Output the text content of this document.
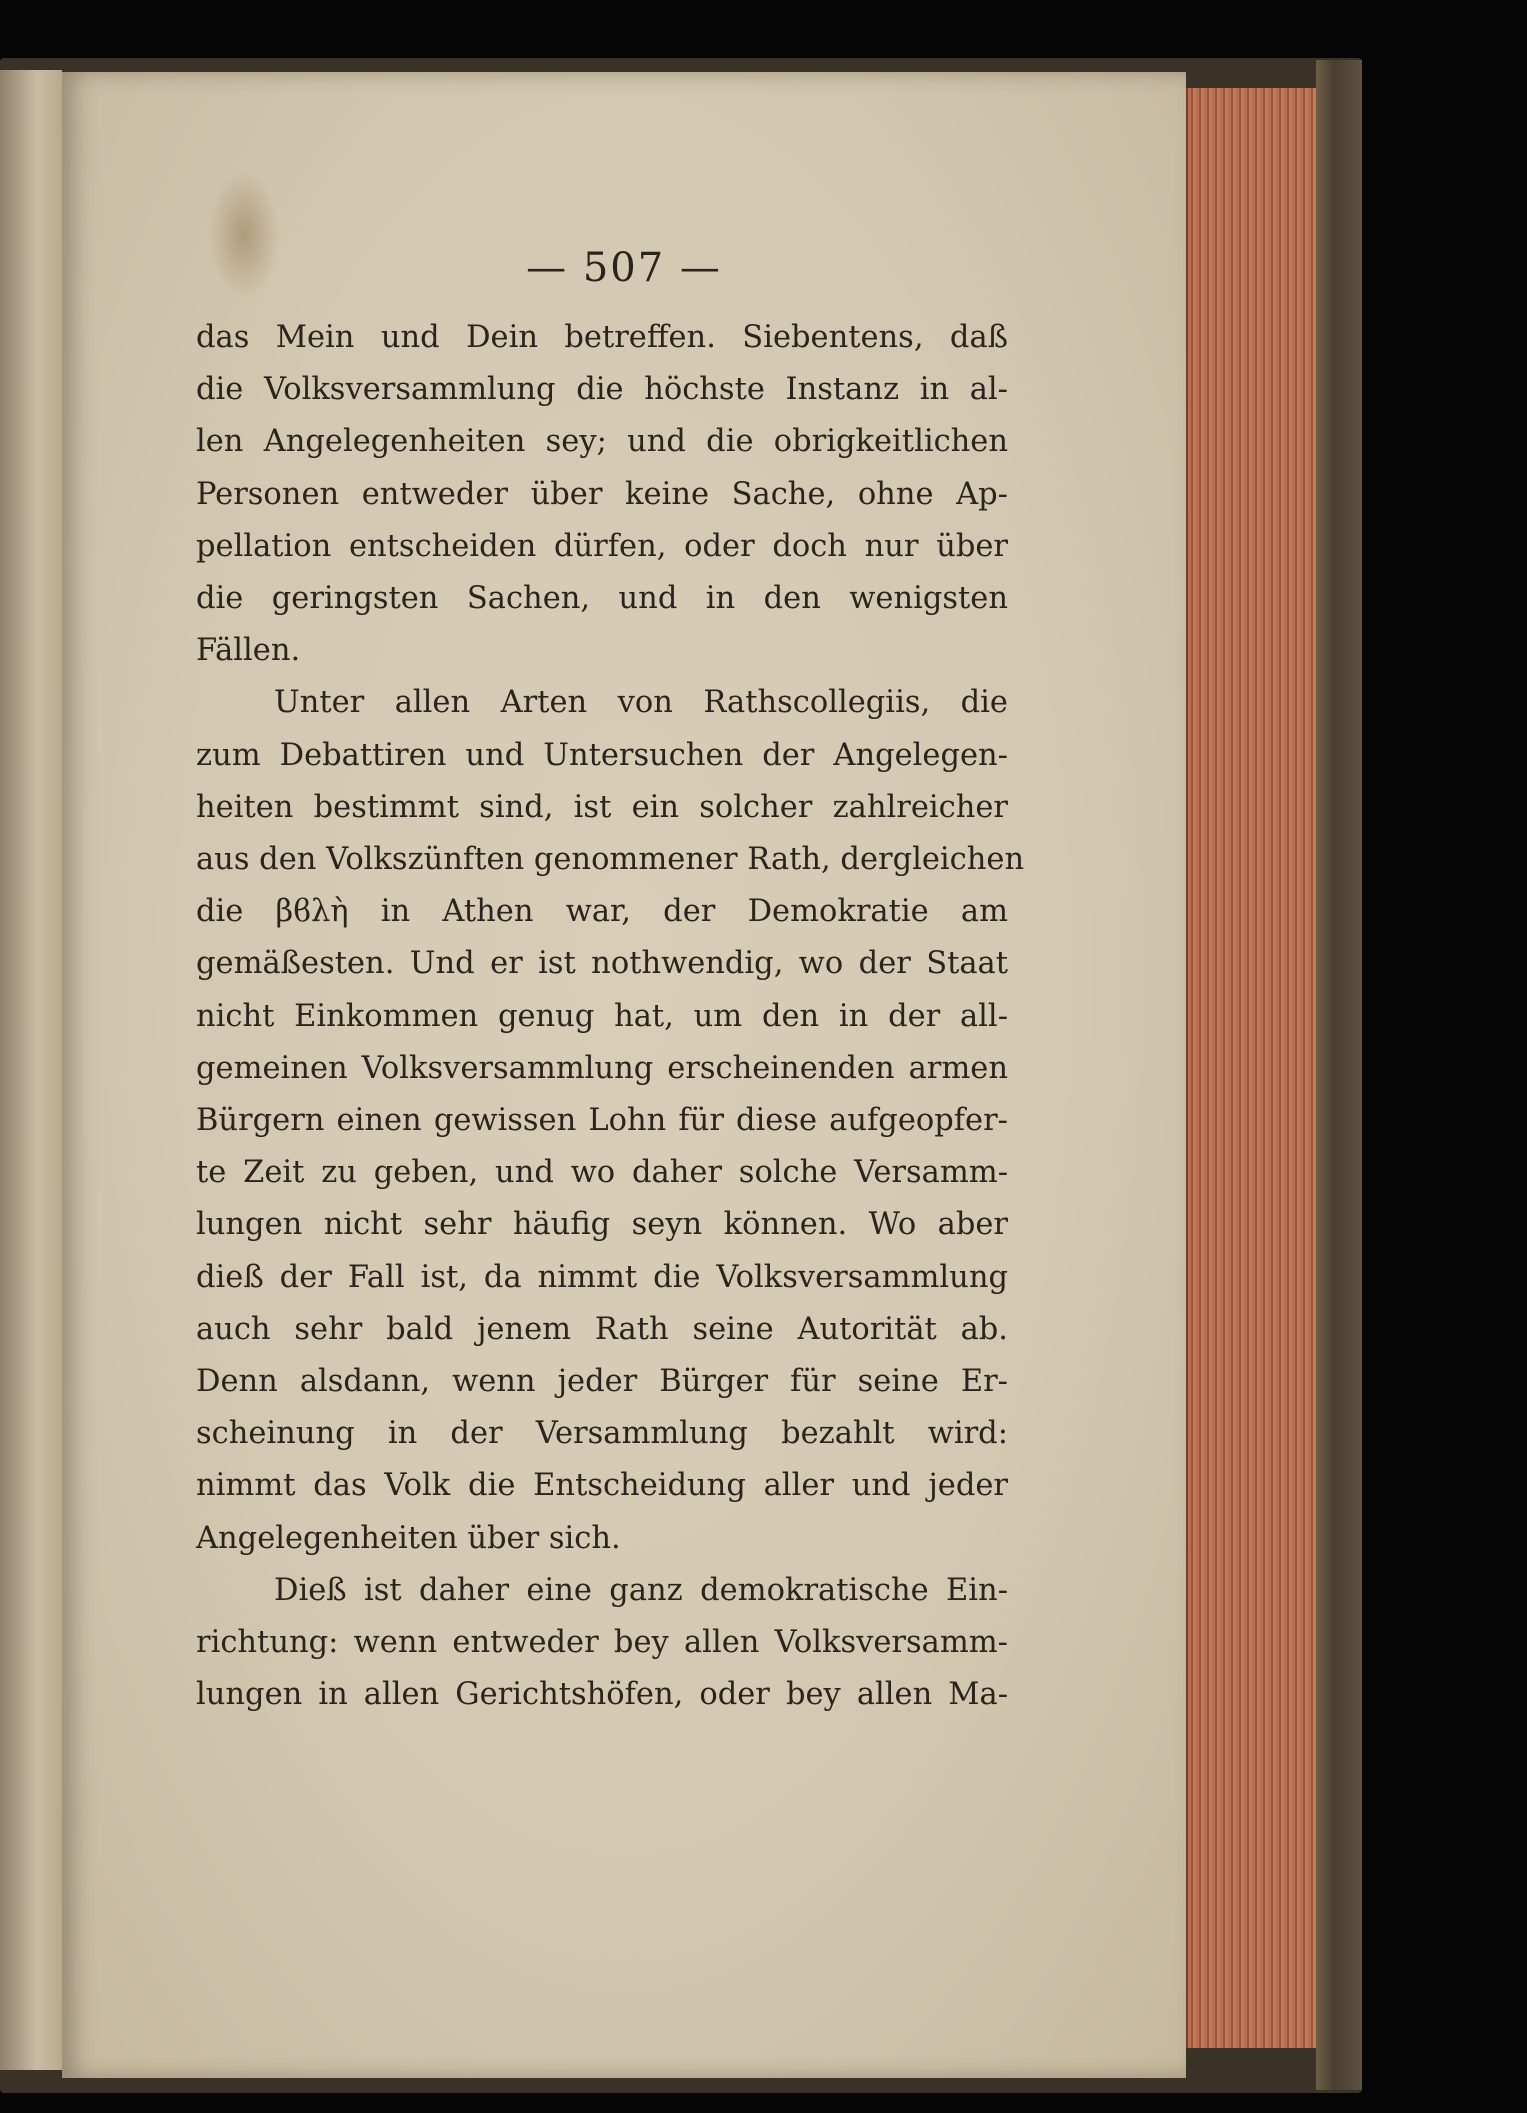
— 507 —
das Mein und Dein betreffen. Siebentens, daß
die Volksversammlung die höchste Instanz in al-
len Angelegenheiten sey; und die obrigkeitlichen
Personen entweder über keine Sache, ohne Ap-
pellation entscheiden dürfen, oder doch nur über
die geringsten Sachen, und in den wenigsten
Fällen.
Unter allen Arten von Rathscollegiis, die
zum Debattiren und Untersuchen der Angelegen-
heiten bestimmt sind, ist ein solcher zahlreicher
aus den Volkszünften genommener Rath, dergleichen
die βϐλὴ in Athen war, der Demokratie am
gemäßesten. Und er ist nothwendig, wo der Staat
nicht Einkommen genug hat, um den in der all-
gemeinen Volksversammlung erscheinenden armen
Bürgern einen gewissen Lohn für diese aufgeopfer-
te Zeit zu geben, und wo daher solche Versamm-
lungen nicht sehr häufig seyn können. Wo aber
dieß der Fall ist, da nimmt die Volksversammlung
auch sehr bald jenem Rath seine Autorität ab.
Denn alsdann, wenn jeder Bürger für seine Er-
scheinung in der Versammlung bezahlt wird:
nimmt das Volk die Entscheidung aller und jeder
Angelegenheiten über sich.
Dieß ist daher eine ganz demokratische Ein-
richtung: wenn entweder bey allen Volksversamm-
lungen in allen Gerichtshöfen, oder bey allen Ma-
